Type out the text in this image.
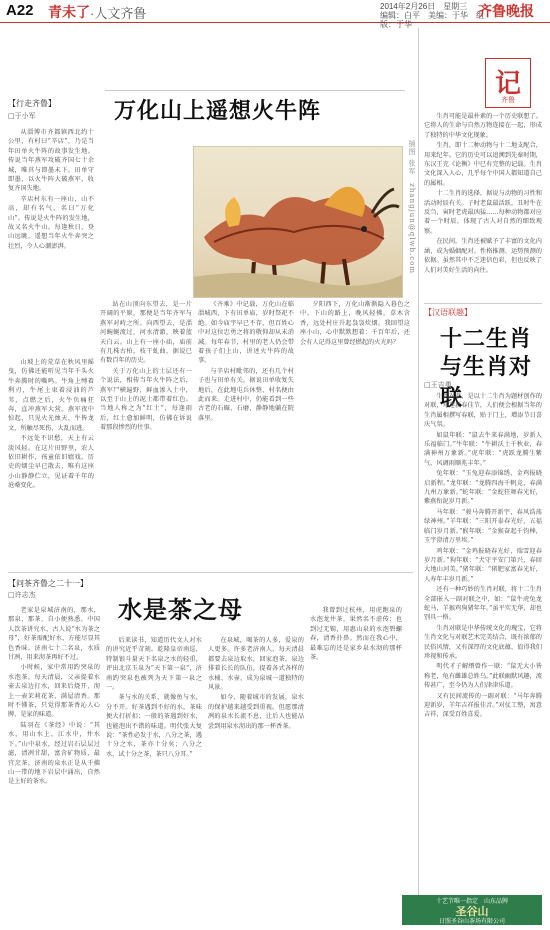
A22 青未了 ·人文齐鲁	2014年2月26日　星期三
编辑：白平　美编：于华　组版：于华
齐鲁晚报
【行走齐鲁】
□于小军	万化山上遥想火牛阵
插图 张军　zhangjun@qlwb.com

从淄博市齐都镇西北约十公里，有村曰“辛店”，乃是当年田单火牛阵的故事发生地。传说当年燕军攻破齐国七十余城，唯莒与即墨未下。田单守即墨，以火牛阵大破燕军，收复齐国失地。

辛店村东有一座山，山不高，却有名气，名曰“万化山”。传说是火牛阵的发生地，故又名火牛山。每逢秋日，登山远眺，遥想当年火牛奔突之壮烈，令人心潮澎湃。

山坡上的荒草在秋风里摇曳，仿佛还能听见当年千头火牛奔腾时的嘶鸣。牛角上缚着利刃，牛尾上束着浸油的芦苇，点燃之后，火牛负痛狂奔，直冲燕军大营。燕军夜中惊起，只见火光烛天，牛皆龙文，所触尽死伤，大乱而逃。

不远处不识愁，天上有云淡风轻。在这片田野里，农人依旧耕作，孩童依旧嬉戏。历史的烟尘早已散去，唯有这座小山静静伫立，见证着千年的沧桑变化。

站在山顶向东望去，是一片开阔的平原，那便是当年齐军与燕军对峙之所。向西望去，是淄河蜿蜒流过，河水清澈，映着蓝天白云。山上有一座小庙，庙前有几株古柏，枝干虬曲，据说已有数百年的历史。

关于万化山上的土层还有一个说法，相传当年火牛阵之后，燕军尸横遍野，鲜血渗入土中，以至于山上的泥土都带着红色。当地人称之为“红土”，每逢雨后，红土愈加鲜明，仿佛在诉说着那段惨烈的往事。

《齐乘》中记载，万化山在临淄城西，下有田单庙，岁时祭祀不绝。如今庙宇早已不存，但百姓心中对这位忠勇之将的敬仰却从未消减。每年春节，村里的老人仍会带着孩子们上山，讲述火牛阵的故事。

与辛店村毗邻的，还有几个村子也与田单有关。据说田单收复失地后，在此地屯兵休整，村名便由此而来。走进村中，仍能看到一些古老的石碾、石磨，静静地躺在院落里。

夕阳西下，万化山渐渐隐入暮色之中。下山的路上，晚风轻拂，草木含香，远处村庄升起袅袅炊烟。我回望这座小山，心中默默想着：千百年后，还会有人记得这里曾经燃起的火光吗？

【问茶齐鲁之二十一】
□许志杰	水是茶之母

老家是泉城济南的，那水，那泉，那茶，自小便熟悉。中国人饮茶讲究水，古人说“水为茶之母”，好茶需配好水，方能尽显其色香味。济南七十二名泉，水质甘冽，用来沏茶再好不过。

小时候，家中常用趵突泉的水泡茶。每天清晨，父亲提着水壶去泉边打水，回来后烧开，沏上一壶茉莉花茶，满屋清香。那时不懂茶，只觉得那茶香沁人心脾，是家的味道。

陆羽在《茶经》中说：“其水，用山水上，江水中，井水下。”山中泉水，经过岩石层层过滤，清冽甘甜，富含矿物质，最宜烹茶。济南的泉水正是从千佛山一带的地下岩层中涌出，自然是上好的茶水。

后来读书，知道历代文人对水的讲究近乎苛刻。乾隆皇帝南巡，特制银斗量天下名泉之水的轻重，评出北京玉泉为“天下第一泉”，济南趵突泉也被列为天下第一泉之一。

茶与水的关系，就像鱼与水，分不开。好茶遇到不好的水，茶味便大打折扣；一般的茶遇到好水，也能泡出不错的味道。明代张大复说：“茶性必发于水，八分之茶，遇十分之水，茶亦十分矣；八分之水，试十分之茶，茶只八分耳。”

在泉城，喝茶的人多，爱泉的人更多。许多老济南人，每天清晨都要去泉边取水，回家泡茶。泉边排着长长的队伍，提着各式各样的水桶、水壶，成为泉城一道独特的风景。

如今，随着城市的发展，泉水的保护越来越受到重视。但愿那清冽的泉水长流不息，让后人也能品尝到用泉水沏出的那一杯香茶。

我曾到过杭州，用虎跑泉的水泡龙井茶，果然名不虚传；也到过无锡，用惠山泉的水泡碧螺春，清香扑鼻。然而在我心中，最难忘的还是家乡泉水沏的那杯茶。

记
齐鲁

生肖可能是最朴素的一个历史联想了。它将人的生命与自然万物连接在一起，形成了独特的中华文化现象。

生肖，即十二种动物与十二地支配合，用来纪年。它的历史可以追溯到先秦时期，东汉王充《论衡》中已有完整的记载。生肖文化深入人心，几乎每个中国人都知道自己的属相。

十二生肖的选择，据说与动物的习性和活动时辰有关。子时老鼠最活跃，丑时牛在反刍，寅时老虎最凶猛……每种动物都对应着一个时辰，体现了古人对自然的细致观察。

在民间，生肖还被赋予了丰富的文化内涵，成为婚姻配对、性格推测、运势预测的依据。虽然其中不乏迷信色彩，但也反映了人们对美好生活的向往。

【汉语联趣】
十二生肖
与生肖对联
□王吉勇

生肖对联，是以十二生肖为题材创作的对联，每逢新春佳节，人们便会根据当年的生肖属相撰写春联，贴于门上，增添节日喜庆气氛。

如鼠年联：“鼠去牛来春满地，岁新人乐福临门。”牛年联：“牛耕沃土千秋业，春满神州万象新。”虎年联：“虎跃龙腾生紫气，风调雨顺兆丰年。”

兔年联：“玉兔迎春添锦绣，金鸡报晓启新程。”龙年联：“龙腾四海千帆竞，春满九州万象新。”蛇年联：“金蛇狂舞春光好，紫燕衔泥岁月新。”

马年联：“骏马奔腾开新宇，春风浩荡绿神州。”羊年联：“三阳开泰春光好，五福临门岁月新。”猴年联：“金猴奋起千钧棒，玉宇澄清万里埃。”

鸡年联：“金鸡报晓春光好，瑞雪迎春岁月新。”狗年联：“犬守平安门第兴，春回大地山河美。”猪年联：“猪肥家富春光好，人寿年丰岁月新。”

还有一种巧妙的生肖对联，将十二生肖全部嵌入一副对联之中，如：“鼠牛虎兔龙蛇马，羊猴鸡狗猪年年。”虽平实无华，却也别具一格。

生肖对联是中华传统文化的瑰宝，它将生肖文化与对联艺术完美结合，既有浓郁的民俗风情，又有深厚的文化底蕴，值得我们珍视和传承。

明代才子解缙曾作一联：“鼠无大小皆称老，龟有雌雄总姓乌。”此联幽默风趣，流传甚广，至今仍为人们津津乐道。

又有民间流传的一副对联：“马年奔腾迎新岁，羊年吉祥报佳音。”对仗工整，寓意吉祥，深受百姓喜爱。

十艺节唯一指定　山东品牌
圣谷山
日照圣谷山茶场有限公司
